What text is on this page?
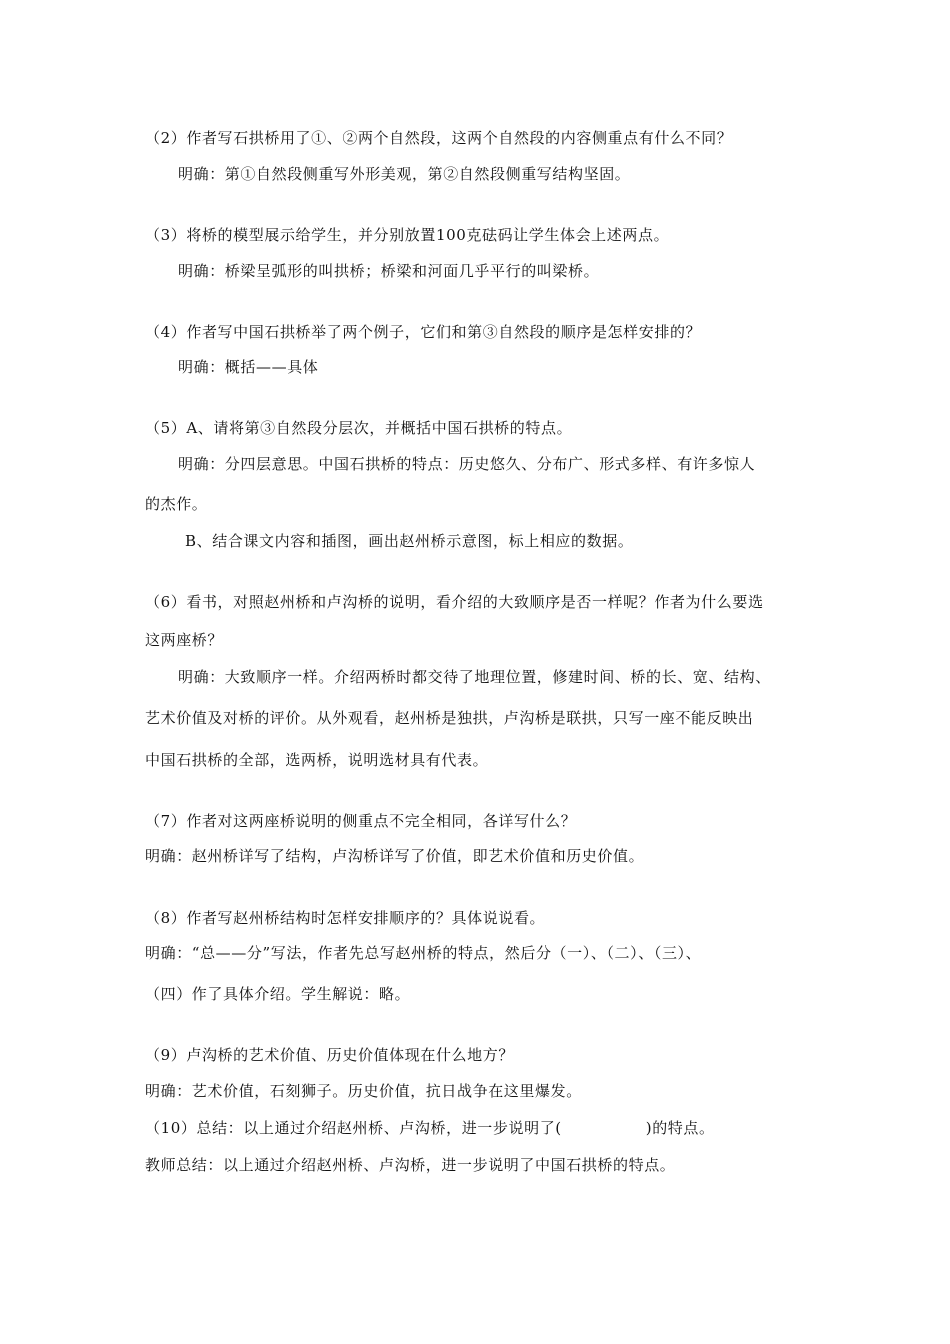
（2）作者写石拱桥用了①、②两个自然段，这两个自然段的内容侧重点有什么不同？
明确：第①自然段侧重写外形美观，第②自然段侧重写结构坚固。
（3）将桥的模型展示给学生，并分别放置100克砝码让学生体会上述两点。
明确：桥梁呈弧形的叫拱桥；桥梁和河面几乎平行的叫梁桥。
（4）作者写中国石拱桥举了两个例子，它们和第③自然段的顺序是怎样安排的？
明确：概括——具体
（5）A、请将第③自然段分层次，并概括中国石拱桥的特点。
明确：分四层意思。中国石拱桥的特点：历史悠久、分布广、形式多样、有许多惊人
的杰作。
B、结合课文内容和插图，画出赵州桥示意图，标上相应的数据。
（6）看书，对照赵州桥和卢沟桥的说明，看介绍的大致顺序是否一样呢？作者为什么要选
这两座桥？
明确：大致顺序一样。介绍两桥时都交待了地理位置，修建时间、桥的长、宽、结构、
艺术价值及对桥的评价。从外观看，赵州桥是独拱，卢沟桥是联拱，只写一座不能反映出
中国石拱桥的全部，选两桥，说明选材具有代表。
（7）作者对这两座桥说明的侧重点不完全相同，各详写什么？
明确：赵州桥详写了结构，卢沟桥详写了价值，即艺术价值和历史价值。
（8）作者写赵州桥结构时怎样安排顺序的？具体说说看。
明确：“总——分”写法，作者先总写赵州桥的特点，然后分（一）、（二）、（三）、
（四）作了具体介绍。学生解说：略。
（9）卢沟桥的艺术价值、历史价值体现在什么地方？
明确：艺术价值，石刻狮子。历史价值，抗日战争在这里爆发。
（10）总结：以上通过介绍赵州桥、卢沟桥，进一步说明了(	)的特点。
教师总结：以上通过介绍赵州桥、卢沟桥，进一步说明了中国石拱桥的特点。
